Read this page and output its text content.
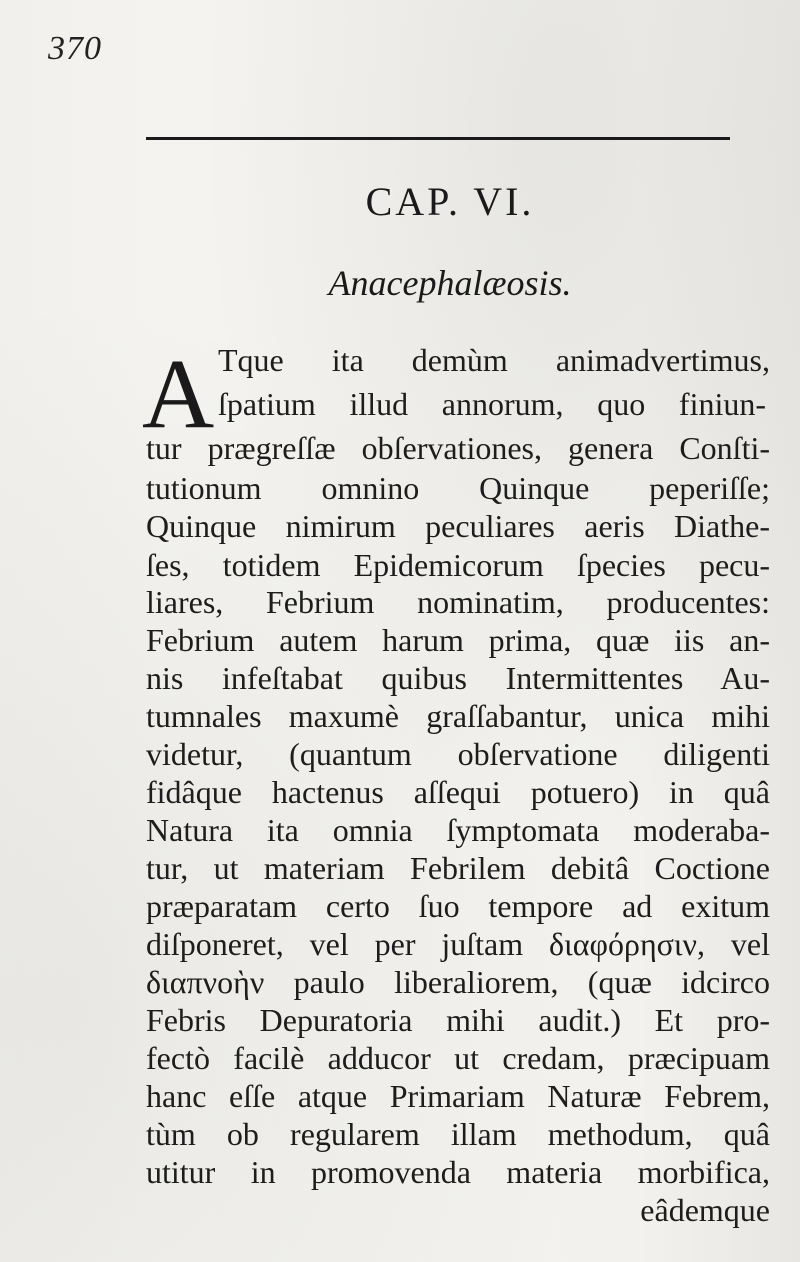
370
CAP. VI.
Anacephalæosis.
A Tque ita demùm animadvertimus,
ſpatium illud annorum, quo finiun-
tur prægreſſæ obſervationes, genera Conſti-
tutionum omnino Quinque peperiſſe;
Quinque nimirum peculiares aeris Diathe-
ſes, totidem Epidemicorum ſpecies pecu-
liares, Febrium nominatim, producentes:
Febrium autem harum prima, quæ iis an-
nis infeſtabat quibus Intermittentes Au-
tumnales maxumè graſſabantur, unica mihi
videtur, (quantum obſervatione diligenti
fidâque hactenus aſſequi potuero) in quâ
Natura ita omnia ſymptomata moderaba-
tur, ut materiam Febrilem debitâ Coctione
præparatam certo ſuo tempore ad exitum
diſponeret, vel per juſtam διαφόρησιν, vel
διαπνοὴν paulo liberaliorem, (quæ idcirco
Febris Depuratoria mihi audit.) Et pro-
fectò facilè adducor ut credam, præcipuam
hanc eſſe atque Primariam Naturæ Febrem,
tùm ob regularem illam methodum, quâ
utitur in promovenda materia morbifica,
eâdemque
